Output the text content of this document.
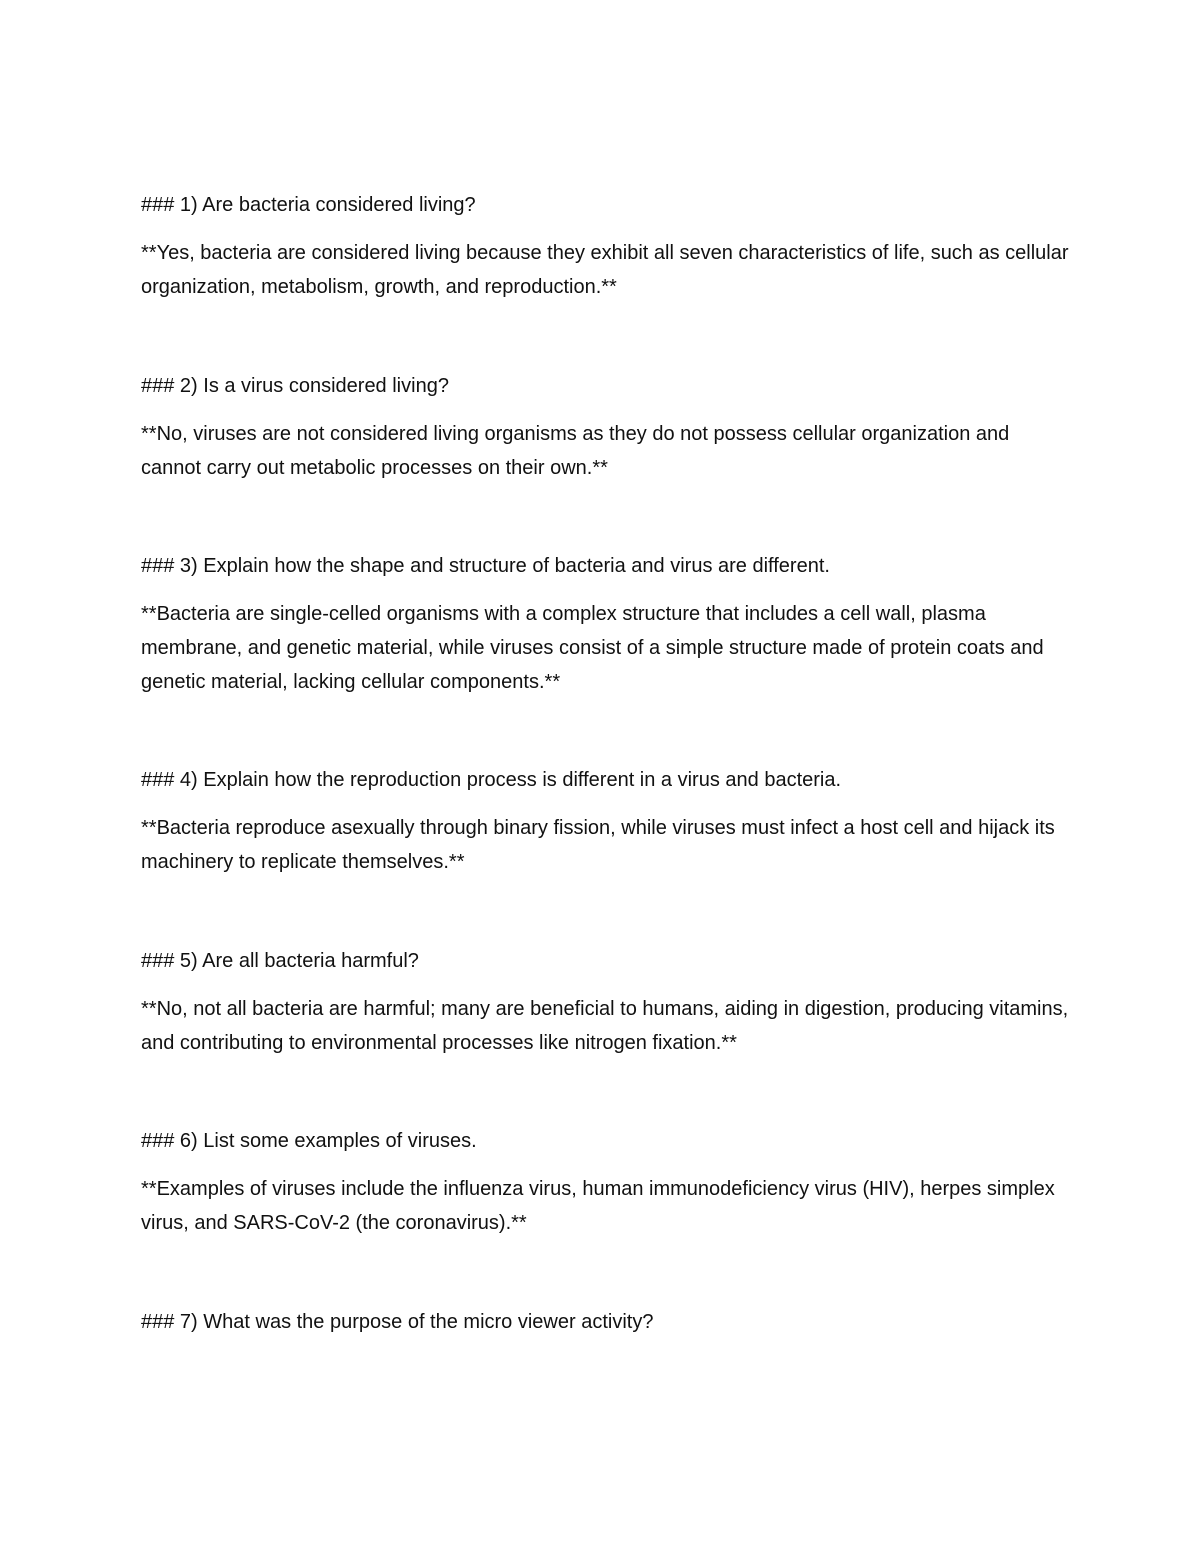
### 1) Are bacteria considered living?

**Yes, bacteria are considered living because they exhibit all seven characteristics of life, such as cellular organization, metabolism, growth, and reproduction.**

### 2) Is a virus considered living?

**No, viruses are not considered living organisms as they do not possess cellular organization and cannot carry out metabolic processes on their own.**

### 3) Explain how the shape and structure of bacteria and virus are different.

**Bacteria are single-celled organisms with a complex structure that includes a cell wall, plasma membrane, and genetic material, while viruses consist of a simple structure made of protein coats and genetic material, lacking cellular components.**

### 4) Explain how the reproduction process is different in a virus and bacteria.

**Bacteria reproduce asexually through binary fission, while viruses must infect a host cell and hijack its machinery to replicate themselves.**

### 5) Are all bacteria harmful?

**No, not all bacteria are harmful; many are beneficial to humans, aiding in digestion, producing vitamins, and contributing to environmental processes like nitrogen fixation.**

### 6) List some examples of viruses.

**Examples of viruses include the influenza virus, human immunodeficiency virus (HIV), herpes simplex virus, and SARS-CoV-2 (the coronavirus).**

### 7) What was the purpose of the micro viewer activity?
